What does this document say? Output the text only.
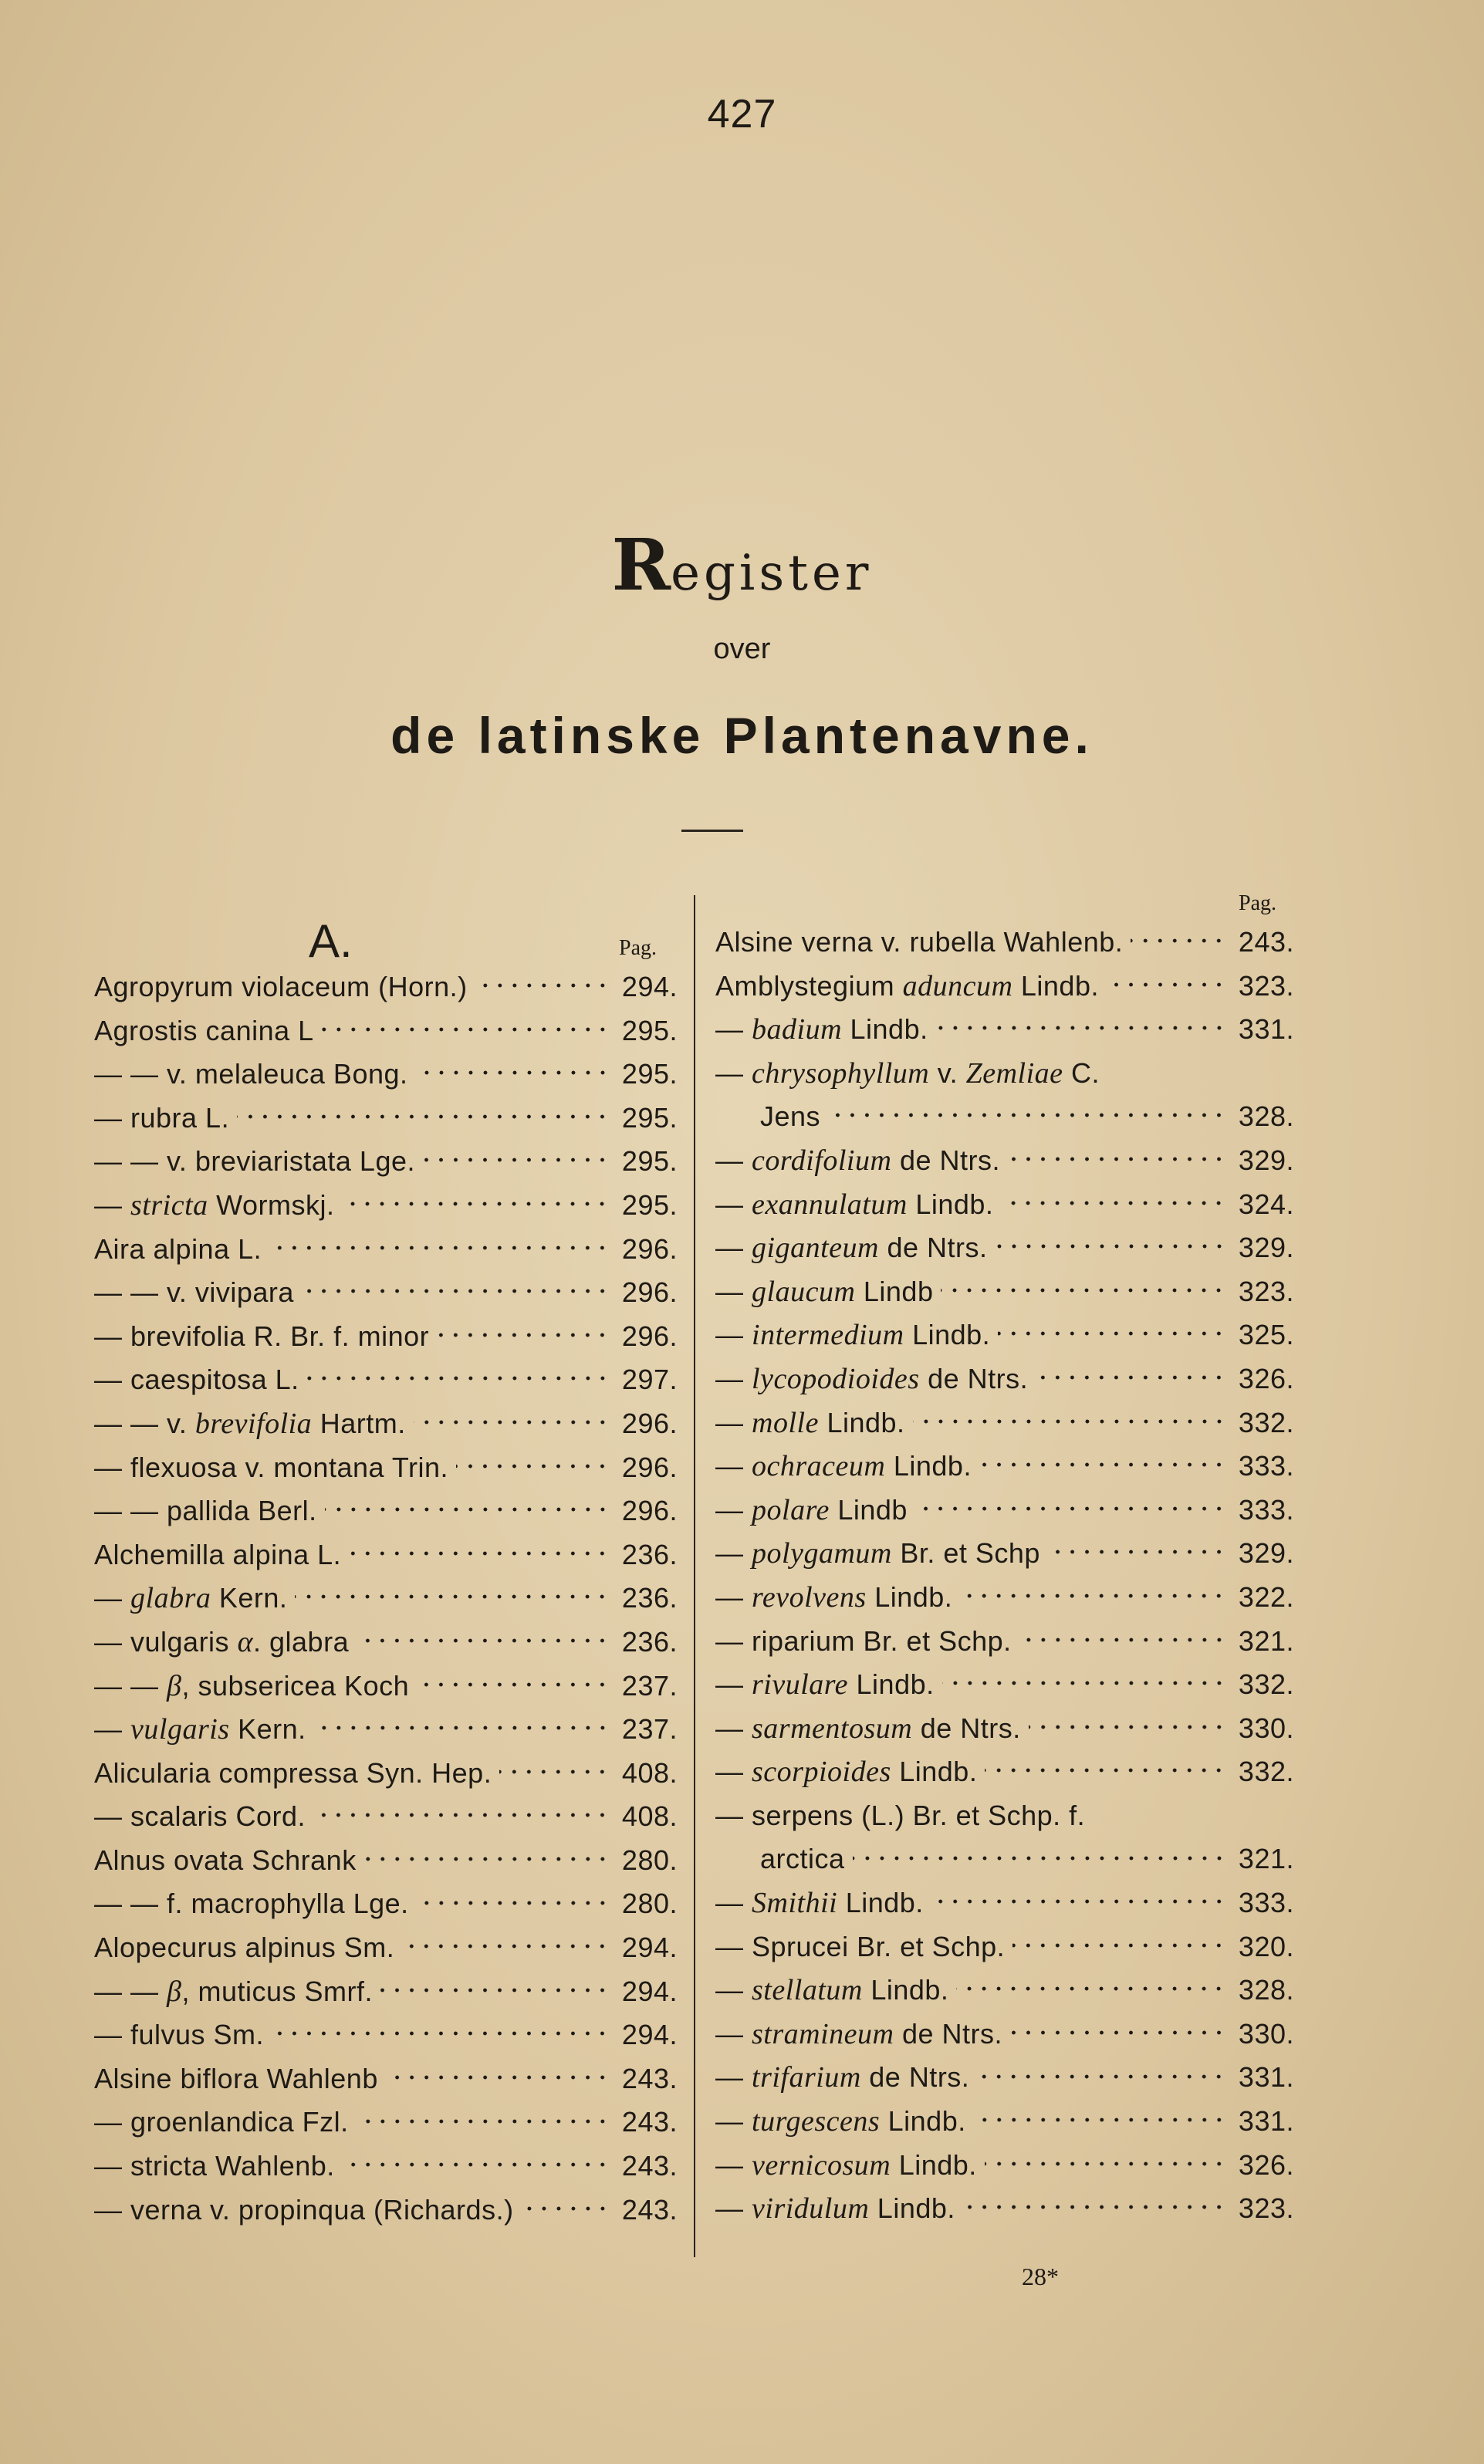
427
Register
over
de latinske Plantenavne.
A.	Pag.
Pag.
Agropyrum violaceum (Horn.)	294.
Agrostis canina L	295.
— — v. melaleuca Bong.	295.
— rubra L.	295.
— — v. breviaristata Lge.	295.
— stricta Wormskj.	295.
Aira alpina L.	296.
— — v. vivipara	296.
— brevifolia R. Br. f. minor	296.
— caespitosa L.	297.
— — v. brevifolia Hartm.	296.
— flexuosa v. montana Trin.	296.
— — pallida Berl.	296.
Alchemilla alpina L.	236.
— glabra Kern.	236.
— vulgaris α. glabra	236.
— — β, subsericea Koch	237.
— vulgaris Kern.	237.
Alicularia compressa Syn. Hep.	408.
— scalaris Cord.	408.
Alnus ovata Schrank	280.
— — f. macrophylla Lge.	280.
Alopecurus alpinus Sm.	294.
— — β, muticus Smrf.	294.
— fulvus Sm.	294.
Alsine biflora Wahlenb	243.
— groenlandica Fzl.	243.
— stricta Wahlenb.	243.
— verna v. propinqua (Richards.)	243.
Alsine verna v. rubella Wahlenb.	243.
Amblystegium aduncum Lindb.	323.
— badium Lindb.	331.
— chrysophyllum v. Zemliae C.
Jens	328.
— cordifolium de Ntrs.	329.
— exannulatum Lindb.	324.
— giganteum de Ntrs.	329.
— glaucum Lindb	323.
— intermedium Lindb.	325.
— lycopodioides de Ntrs.	326.
— molle Lindb.	332.
— ochraceum Lindb.	333.
— polare Lindb	333.
— polygamum Br. et Schp	329.
— revolvens Lindb.	322.
— riparium Br. et Schp.	321.
— rivulare Lindb.	332.
— sarmentosum de Ntrs.	330.
— scorpioides Lindb.	332.
— serpens (L.) Br. et Schp. f.
arctica	321.
— Smithii Lindb.	333.
— Sprucei Br. et Schp.	320.
— stellatum Lindb.	328.
— stramineum de Ntrs.	330.
— trifarium de Ntrs.	331.
— turgescens Lindb.	331.
— vernicosum Lindb.	326.
— viridulum Lindb.	323.
28*
